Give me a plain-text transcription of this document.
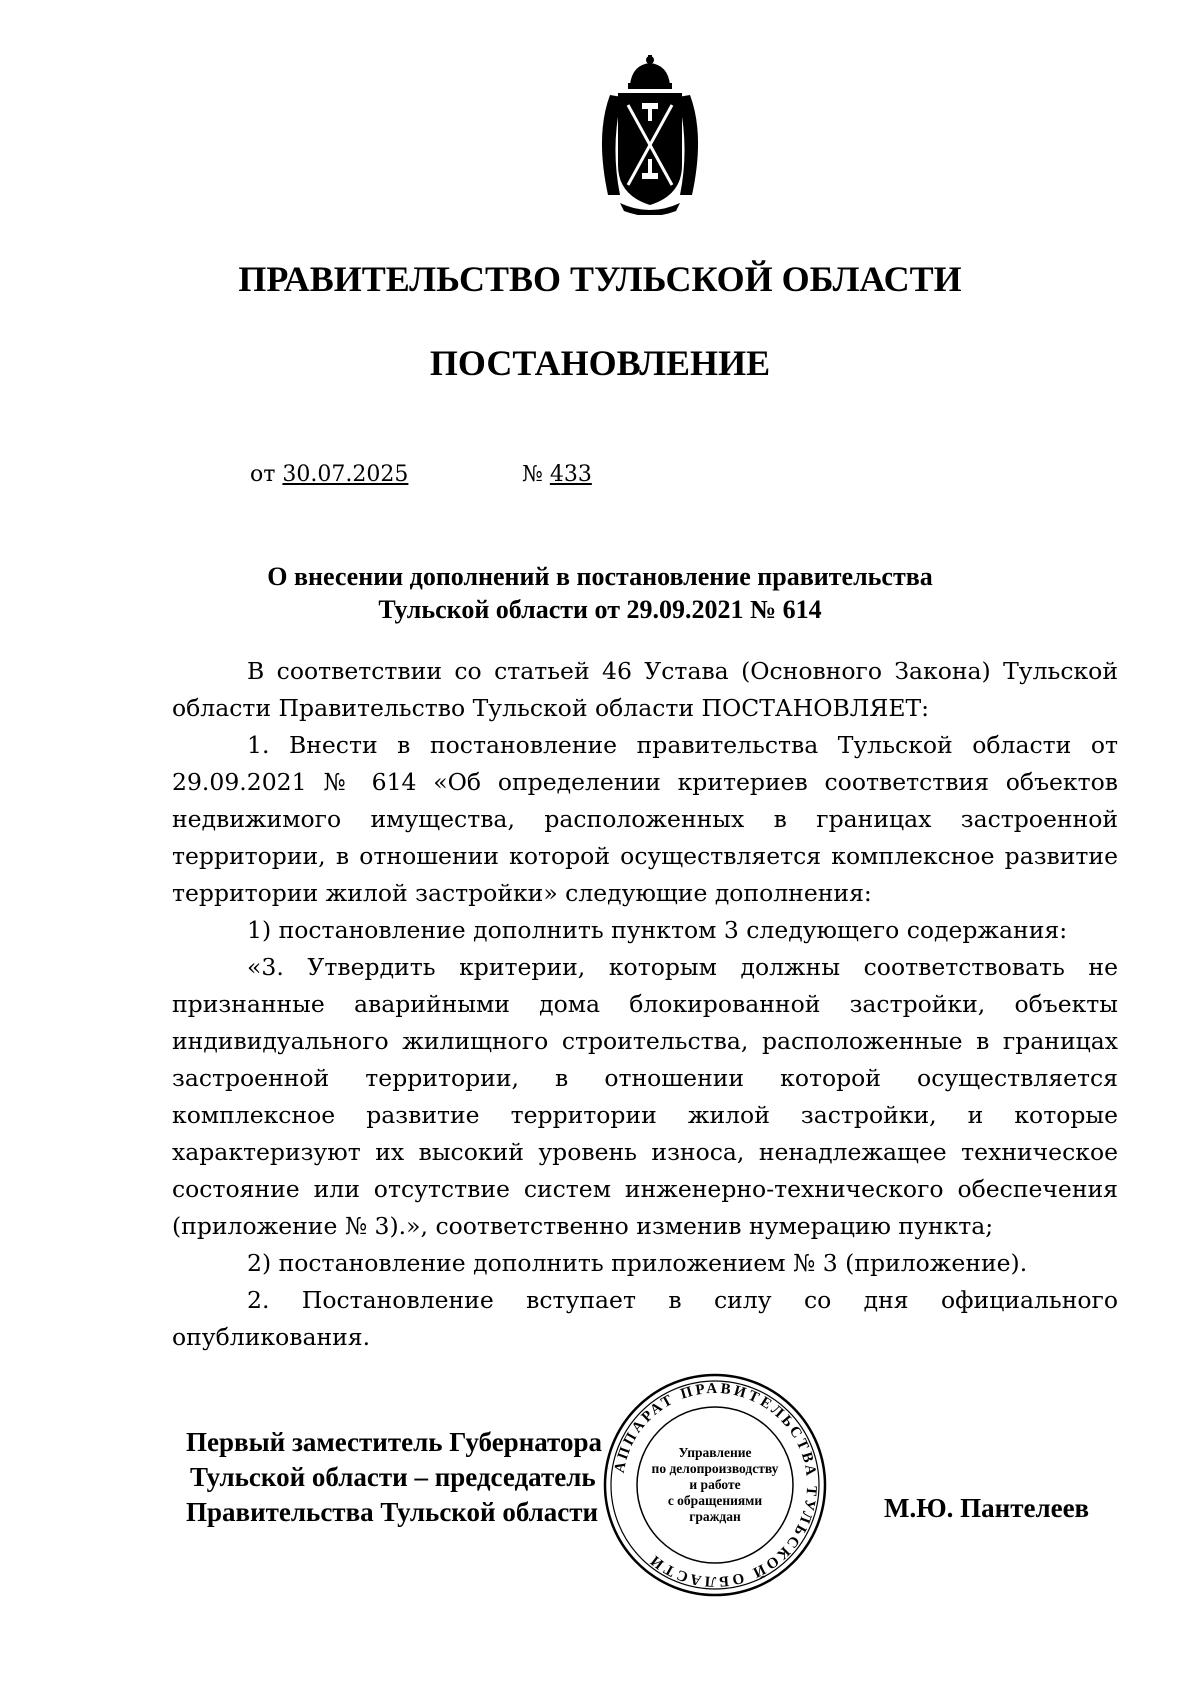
ПРАВИТЕЛЬСТВО ТУЛЬСКОЙ ОБЛАСТИ
ПОСТАНОВЛЕНИЕ
от 30.07.2025	№ 433
О внесении дополнений в постановление правительства
Тульской области от 29.09.2021 № 614

В соответствии со статьей 46 Устава (Основного Закона) Тульской области Правительство Тульской области ПОСТАНОВЛЯЕТ:

1. Внести в постановление правительства Тульской области от 29.09.2021 № 614 «Об определении критериев соответствия объектов недвижимого имущества, расположенных в границах застроенной территории, в отношении которой осуществляется комплексное развитие территории жилой застройки» следующие дополнения:

1) постановление дополнить пунктом 3 следующего содержания:

«3. Утвердить критерии, которым должны соответствовать не признанные аварийными дома блокированной застройки, объекты индивидуального жилищного строительства, расположенные в границах застроенной территории, в отношении которой осуществляется комплексное развитие территории жилой застройки, и которые характеризуют их высокий уровень износа, ненадлежащее техническое состояние или отсутствие систем инженерно-технического обеспечения (приложение № 3).», соответственно изменив нумерацию пункта;

2) постановление дополнить приложением № 3 (приложение).

2. Постановление вступает в силу со дня официального опубликования.

АППАРАТ ПРАВИТЕЛЬСТВА ТУЛЬСКОЙ ОБЛАСТИ
Управление
по делопроизводству
и работе
с обращениями
граждан
Первый заместитель Губернатора
Тульской области – председатель
Правительства Тульской области	М.Ю. Пантелеев
